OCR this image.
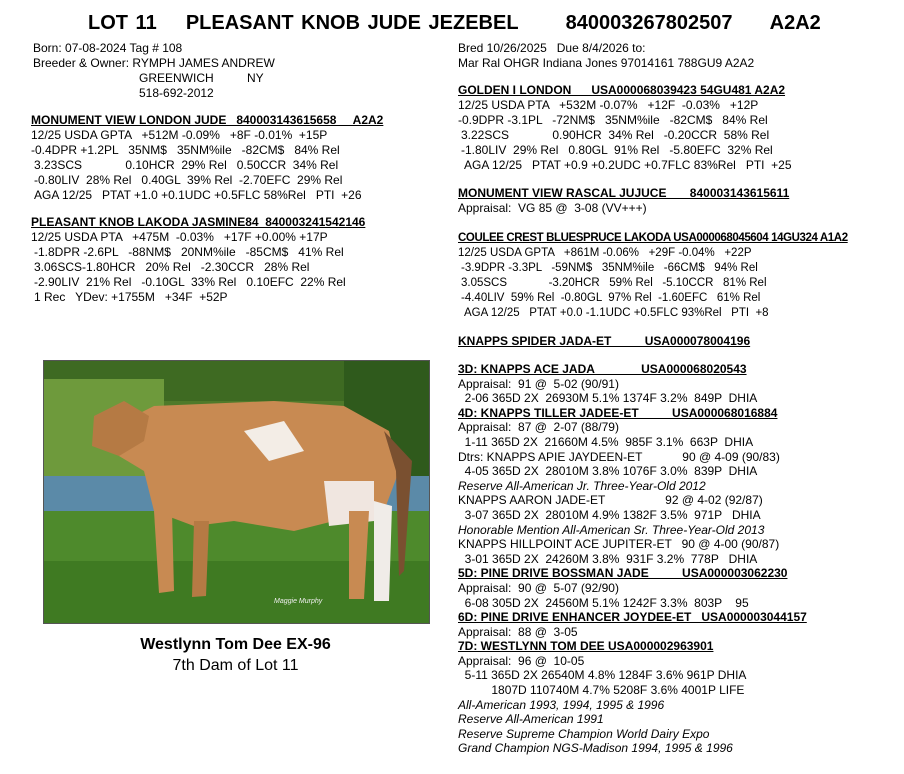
LOT 11 PLEASANT KNOB JUDE JEZEBEL 840003267802507 A2A2
Born: 07-08-2024 Tag # 108
Breeder & Owner: RYMPH JAMES ANDREW
GREENWICH          NY
518-692-2012
Bred 10/26/2025   Due 8/4/2026 to:
Mar Ral OHGR Indiana Jones 97014161 788GU9 A2A2
MONUMENT VIEW LONDON JUDE   840003143615658     A2A2
12/25 USDA GPTA   +512M -0.09%   +8F -0.01%  +15P
-0.4DPR +1.2PL   35NM$   35NM%ile   -82CM$   84% Rel
3.23SCS             0.10HCR  29% Rel   0.50CCR  34% Rel
-0.80LIV  28% Rel   0.40GL  39% Rel  -2.70EFC  29% Rel
AGA 12/25   PTAT +1.0 +0.1UDC +0.5FLC 58%Rel   PTI  +26
PLEASANT KNOB LAKODA JASMINE84  840003241542146
12/25 USDA PTA   +475M  -0.03%   +17F +0.00% +17P
-1.8DPR -2.6PL   -88NM$   20NM%ile   -85CM$   41% Rel
3.06SCS-1.80HCR   20% Rel   -2.30CCR   28% Rel
-2.90LIV  21% Rel   -0.10GL  33% Rel   0.10EFC  22% Rel
1 Rec   YDev: +1755M   +34F  +52P
GOLDEN I LONDON      USA000068039423 54GU481 A2A2
12/25 USDA PTA   +532M -0.07%   +12F  -0.03%   +12P
-0.9DPR -3.1PL   -72NM$   35NM%ile   -82CM$   84% Rel
3.22SCS             0.90HCR  34% Rel   -0.20CCR  58% Rel
-1.80LIV  29% Rel   0.80GL  91% Rel   -5.80EFC  32% Rel
AGA 12/25   PTAT +0.9 +0.2UDC +0.7FLC 83%Rel   PTI  +25
MONUMENT VIEW RASCAL JUJUCE       840003143615611
Appraisal:  VG 85 @  3-08 (VV+++)
COULEE CREST BLUESPRUCE LAKODA USA000068045604 14GU324 A1A2
12/25 USDA GPTA   +861M -0.06%   +29F -0.04%   +22P
-3.9DPR -3.3PL   -59NM$   35NM%ile   -66CM$   94% Rel
3.05SCS             -3.20HCR   59% Rel   -5.10CCR   81% Rel
-4.40LIV  59% Rel  -0.80GL  97% Rel  -1.60EFC   61% Rel
AGA 12/25   PTAT +0.0 -1.1UDC +0.5FLC 93%Rel   PTI  +8
KNAPPS SPIDER JADA-ET          USA000078004196
3D: KNAPPS ACE JADA              USA000068020543
Appraisal:  91 @  5-02 (90/91)
2-06 365D 2X  26930M 5.1% 1374F 3.2%  849P  DHIA
4D: KNAPPS TILLER JADEE-ET          USA000068016884
Appraisal:  87 @  2-07 (88/79)
1-11 365D 2X  21660M 4.5%  985F 3.1%  663P  DHIA
Dtrs: KNAPPS APIE JAYDEEN-ET            90 @ 4-09 (90/83)
4-05 365D 2X  28010M 3.8% 1076F 3.0%  839P  DHIA
Reserve All-American Jr. Three-Year-Old 2012
KNAPPS AARON JADE-ET                  92 @ 4-02 (92/87)
3-07 365D 2X  28010M 4.9% 1382F 3.5%  971P   DHIA
Honorable Mention All-American Sr. Three-Year-Old 2013
KNAPPS HILLPOINT ACE JUPITER-ET   90 @ 4-00 (90/87)
3-01 365D 2X  24260M 3.8%  931F 3.2%  778P   DHIA
5D: PINE DRIVE BOSSMAN JADE          USA000003062230
Appraisal:  90 @  5-07 (92/90)
6-08 305D 2X  24560M 5.1% 1242F 3.3%  803P    95
6D: PINE DRIVE ENHANCER JOYDEE-ET   USA000003044157
Appraisal:  88 @  3-05
7D: WESTLYNN TOM DEE USA000002963901
Appraisal:  96 @  10-05
5-11 365D 2X 26540M 4.8% 1284F 3.6% 961P DHIA
1807D 110740M 4.7% 5208F 3.6% 4001P LIFE
All-American 1993, 1994, 1995 & 1996
Reserve All-American 1991
Reserve Supreme Champion World Dairy Expo
Grand Champion NGS-Madison 1994, 1995 & 1996
Maggie Murphy
Westlynn Tom Dee EX-96
7th Dam of Lot 11
